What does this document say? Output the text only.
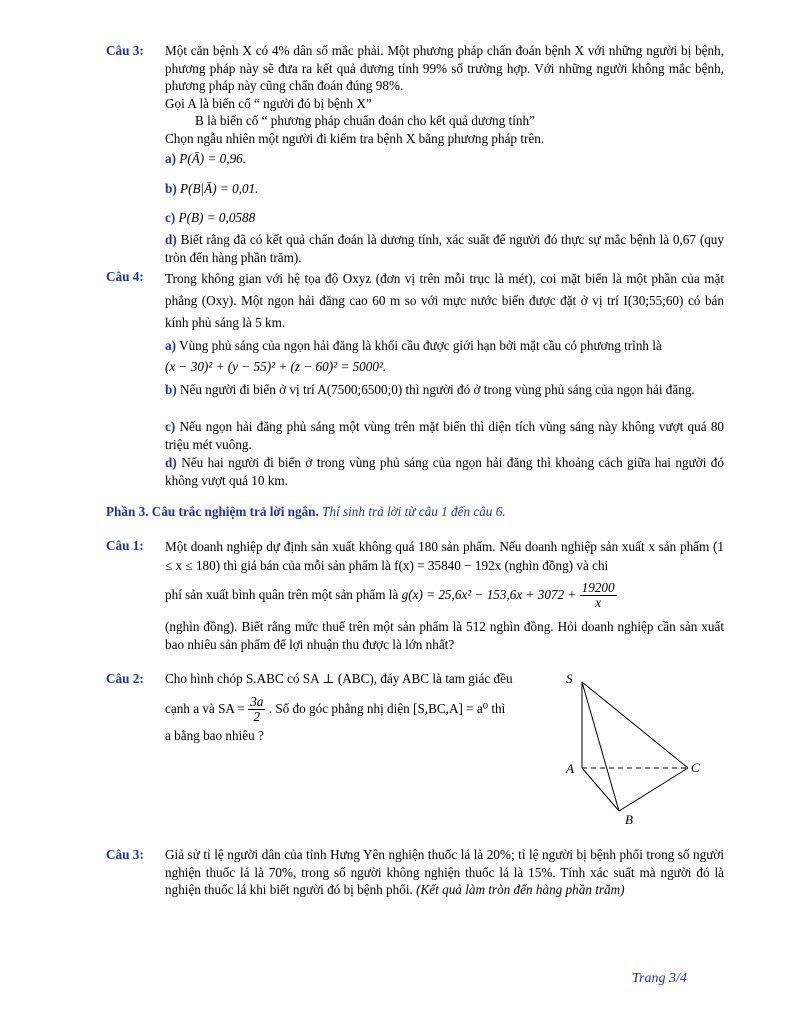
Câu 3: Một căn bệnh X có 4% dân số mắc phải. Một phương pháp chẩn đoán bệnh X với những người bị bệnh, phương pháp này sẽ đưa ra kết quả dương tính 99% số trường hợp. Với những người không mắc bệnh, phương pháp này cũng chẩn đoán đúng 98%.

Gọi A là biến cố “ người đó bị bệnh X”

B là biến cố “ phương pháp chuẩn đoán cho kết quả dương tính”

Chọn ngẫu nhiên một người đi kiểm tra bệnh X bằng phương pháp trên.

a) P(Ā) = 0,96.
b) P(B|Ā) = 0,01.
c) P(B) = 0,0588
d) Biết rằng đã có kết quả chẩn đoán là dương tính, xác suất để người đó thực sự mắc bệnh là 0,67 (quy tròn đến hàng phần trăm).
Câu 4: Trong không gian với hệ tọa độ Oxyz (đơn vị trên mỗi trục là mét), coi mặt biển là một phần của mặt phẳng (Oxy). Một ngọn hải đăng cao 60 m so với mực nước biển được đặt ở vị trí I(30;55;60) có bán kính phủ sáng là 5 km.

a) Vùng phủ sáng của ngọn hải đăng là khối cầu được giới hạn bởi mặt cầu có phương trình là

(x − 30)² + (y − 55)² + (z − 60)² = 5000².

b) Nếu người đi biển ở vị trí A(7500;6500;0) thì người đó ở trong vùng phủ sáng của ngọn hải đăng.
c) Nếu ngọn hải đăng phủ sáng một vùng trên mặt biển thì diện tích vùng sáng này không vượt quá 80 triệu mét vuông.
d) Nếu hai người đi biển ở trong vùng phủ sáng của ngọn hải đăng thì khoảng cách giữa hai người đó không vượt quá 10 km.
Phần 3. Câu trắc nghiệm trả lời ngắn. Thí sinh trả lời từ câu 1 đến câu 6.
Câu 1: Một doanh nghiệp dự định sản xuất không quá 180 sản phẩm. Nếu doanh nghiệp sản xuất x sản phẩm (1 ≤ x ≤ 180) thì giá bán của mỗi sản phẩm là f(x) = 35840 − 192x (nghìn đồng) và chi
phí sản xuất bình quân trên một sản phẩm là $g(x) = 25,6x^2 - 153,6x + 3072 + \frac{19200}{x}$
(nghìn đồng). Biết rằng mức thuế trên một sản phẩm là 512 nghìn đồng. Hỏi doanh nghiệp cần sản xuất bao nhiêu sản phẩm để lợi nhuận thu được là lớn nhất?
Câu 2: Cho hình chóp S.ABC có SA ⊥ (ABC), đáy ABC là tam giác đều
cạnh a và SA = $\frac{3a}{2}$ . Số đo góc phẳng nhị diện [S,BC,A] = a⁰ thì
a bằng bao nhiêu ?
S
A	C
B
Câu 3: Giả sử tỉ lệ người dân của tỉnh Hưng Yên nghiện thuốc lá là 20%; tỉ lệ người bị bệnh phổi trong số người nghiện thuốc lá là 70%, trong số người không nghiện thuốc lá là 15%. Tính xác suất mà người đó là nghiện thuốc lá khi biết người đó bị bệnh phổi. (Kết quả làm tròn đến hàng phần trăm)
Trang 3/4
